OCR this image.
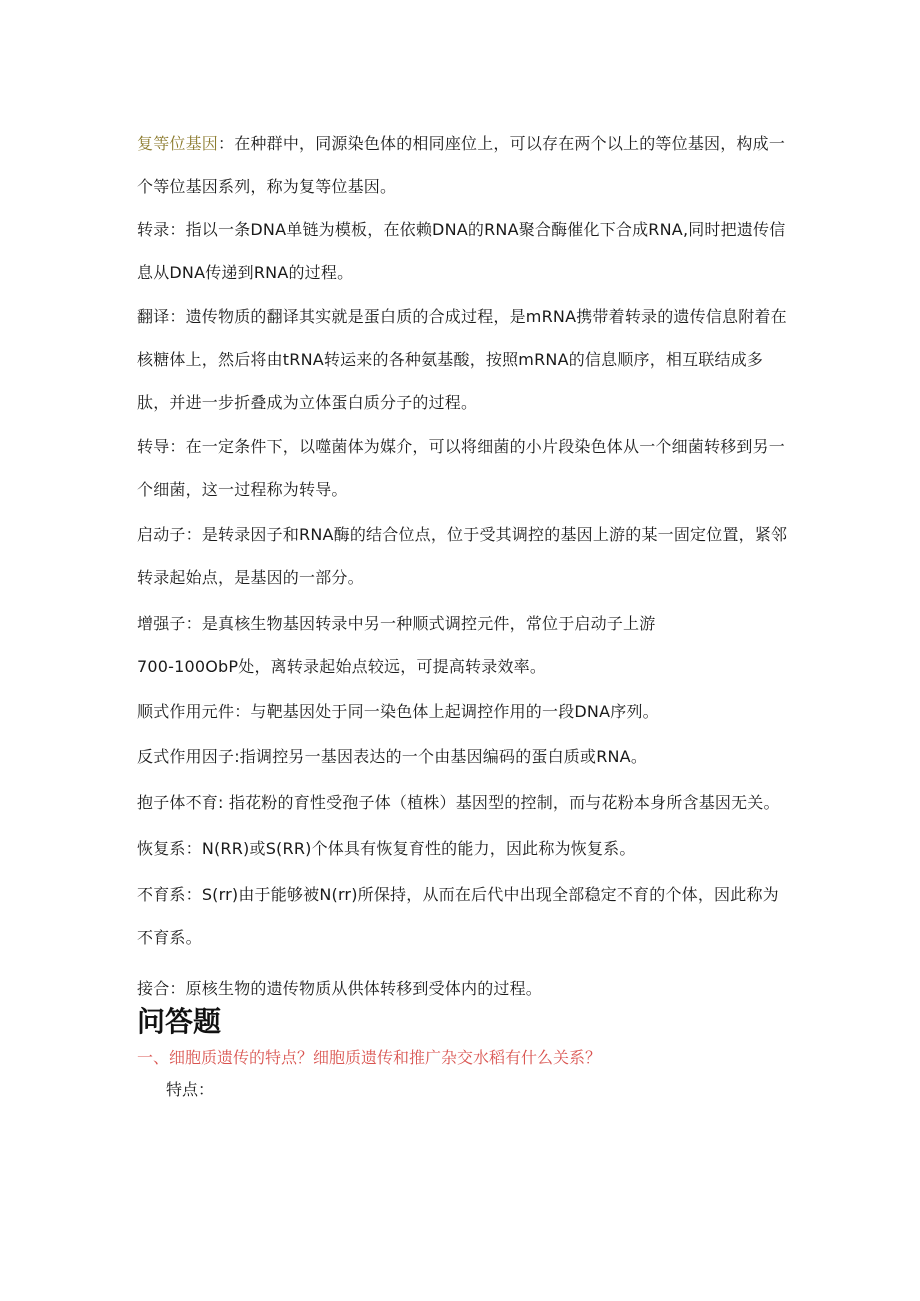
复等位基因：在种群中，同源染色体的相同座位上，可以存在两个以上的等位基因，构成一个等位基因系列，称为复等位基因。

转录：指以一条DNA单链为模板，在依赖DNA的RNA聚合酶催化下合成RNA,同时把遗传信息从DNA传递到RNA的过程。

翻译：遗传物质的翻译其实就是蛋白质的合成过程，是mRNA携带着转录的遗传信息附着在核糖体上，然后将由tRNA转运来的各种氨基酸，按照mRNA的信息顺序，相互联结成多肽，并进一步折叠成为立体蛋白质分子的过程。

转导：在一定条件下，以噬菌体为媒介，可以将细菌的小片段染色体从一个细菌转移到另一个细菌，这一过程称为转导。

启动子：是转录因子和RNA酶的结合位点，位于受其调控的基因上游的某一固定位置，紧邻转录起始点，是基因的一部分。

增强子：是真核生物基因转录中另一种顺式调控元件，常位于启动子上游
700-100ObP处，离转录起始点较远，可提高转录效率。

顺式作用元件：与靶基因处于同一染色体上起调控作用的一段DNA序列。

反式作用因子:指调控另一基因表达的一个由基因编码的蛋白质或RNA。

抱子体不育: 指花粉的育性受孢子体（植株）基因型的控制，而与花粉本身所含基因无关。

恢复系：N(RR)或S(RR)个体具有恢复育性的能力，因此称为恢复系。

不育系：S(rr)由于能够被N(rr)所保持，从而在后代中出现全部稳定不育的个体，因此称为不育系。

接合：原核生物的遗传物质从供体转移到受体内的过程。

问答题

一、细胞质遗传的特点？细胞质遗传和推广杂交水稻有什么关系？

特点：
